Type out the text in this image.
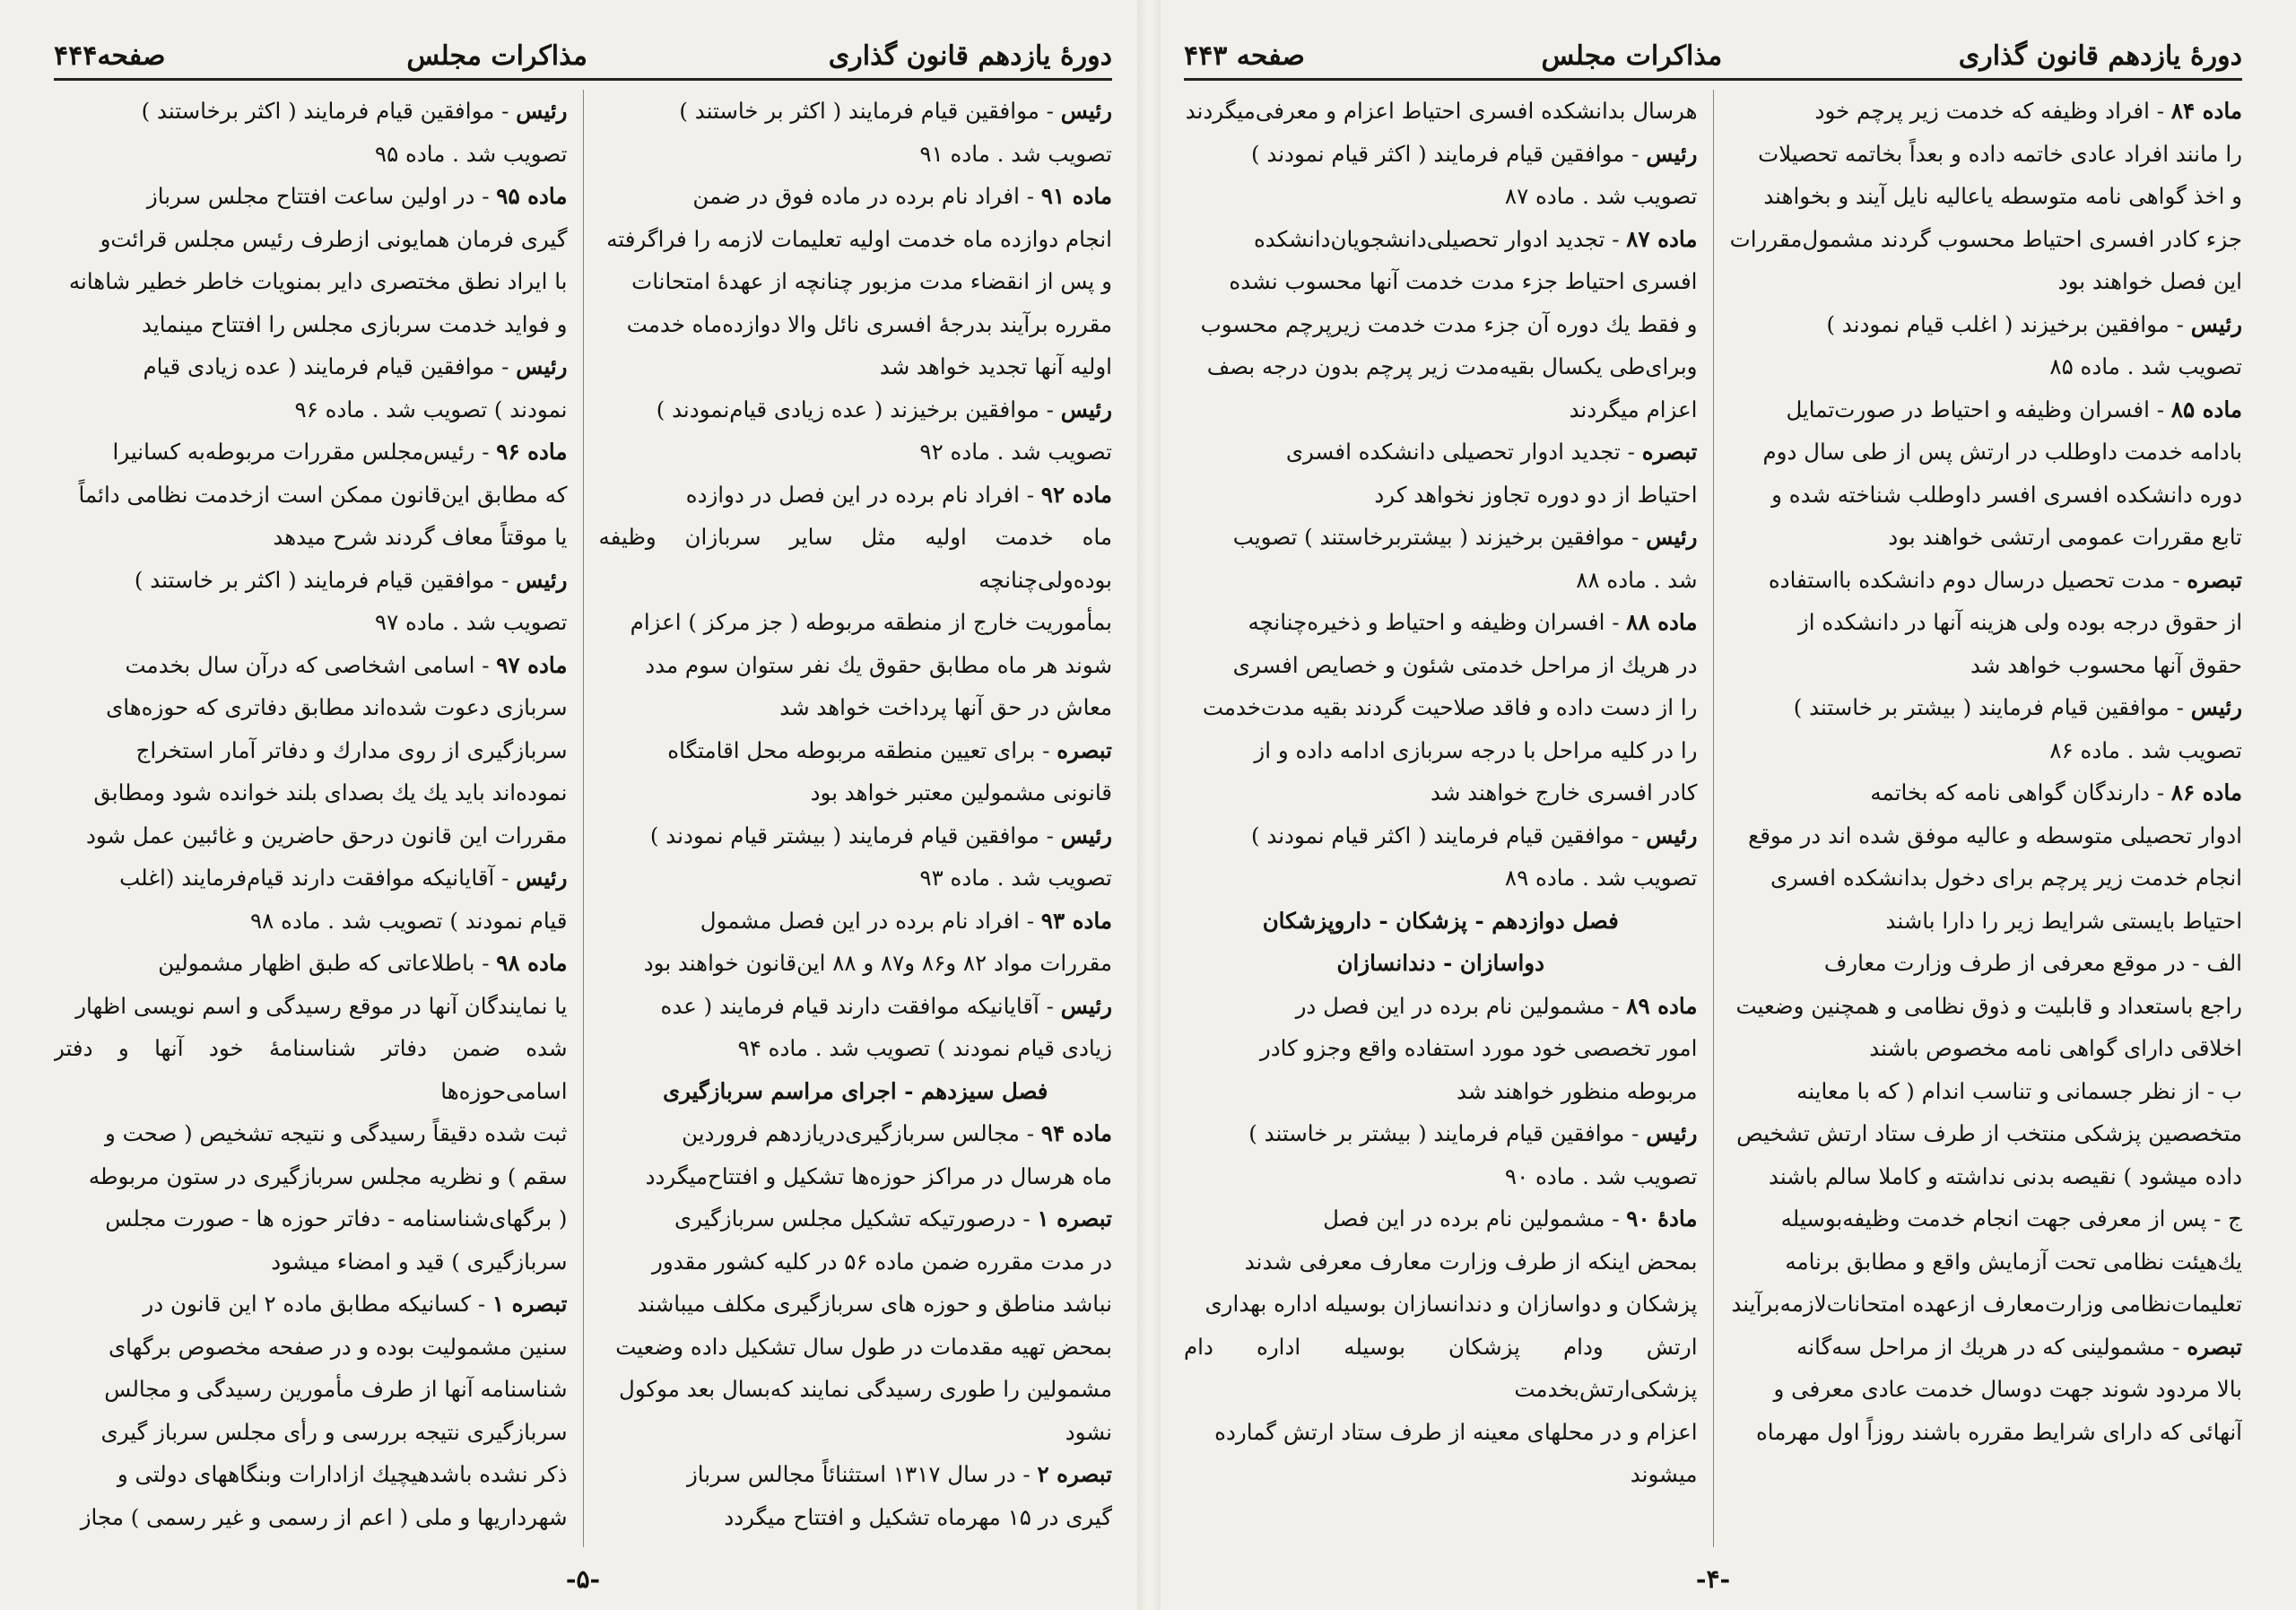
دورهٔ یازدهم قانون گذاری
مذاکرات مجلس
صفحه۴۴۴

رئیس - موافقین قیام فرمایند ( اکثر بر خاستند )

تصویب شد . ماده ۹۱

ماده ۹۱ - افراد نام برده در ماده فوق در ضمن

انجام دوازده ماه خدمت اولیه تعلیمات لازمه را فراگرفته

و پس از انقضاء مدت مزبور چنانچه از عهدهٔ امتحانات

مقرره برآیند بدرجهٔ افسری نائل والا دوازده‌ماه خدمت

اولیه آنها تجدید خواهد شد

رئیس - موافقین برخیزند ( عده زیادی قیام‌نمودند )

تصویب شد . ماده ۹۲

ماده ۹۲ - افراد نام برده در این فصل در دوازده

ماه خدمت اولیه مثل سایر سربازان وظیفه بوده‌ولی‌چنانچه

بمأموریت خارج از منطقه مربوطه ( جز مرکز ) اعزام

شوند هر ماه مطابق حقوق یك نفر ستوان سوم مدد

معاش در حق آنها پرداخت خواهد شد

تبصره - برای تعیین منطقه مربوطه محل اقامتگاه

قانونی مشمولین معتبر خواهد بود

رئیس - موافقین قیام فرمایند ( بیشتر قیام نمودند )

تصویب شد . ماده ۹۳

ماده ۹۳ - افراد نام برده در این فصل مشمول

مقررات مواد ۸۲ و۸۶ و۸۷ و ۸۸ این‌قانون خواهند بود

رئیس - آقایانیکه موافقت دارند قیام فرمایند ( عده

زیادی قیام نمودند ) تصویب شد . ماده ۹۴

فصل سیزدهم - اجرای مراسم سربازگیری

ماده ۹۴ - مجالس سربازگیری‌دریازدهم فروردین

ماه هرسال در مراکز حوزه‌ها تشکیل و افتتاح‌میگردد

تبصره ۱ - درصورتیکه تشکیل مجلس سربازگیری

در مدت مقرره ضمن ماده ۵۶ در کلیه کشور مقدور

نباشد مناطق و حوزه های سربازگیری مکلف میباشند

بمحض تهیه مقدمات در طول سال تشکیل داده وضعیت

مشمولین را طوری رسیدگی نمایند که‌بسال بعد موکول

نشود

تبصره ۲ - در سال ۱۳۱۷ استثنائاً مجالس سرباز

گیری در ۱۵ مهرماه تشکیل و افتتاح میگردد

رئیس - موافقین قیام فرمایند ( اکثر برخاستند )

تصویب شد . ماده ۹۵

ماده ۹۵ - در اولین ساعت افتتاح مجلس سرباز

گیری فرمان همایونی ازطرف رئیس مجلس قرائت‌و

با ایراد نطق مختصری دایر بمنویات خاطر خطیر شاهانه

و فواید خدمت سربازی مجلس را افتتاح مینماید

رئیس - موافقین قیام فرمایند ( عده زیادی قیام

نمودند ) تصویب شد . ماده ۹۶

ماده ۹۶ - رئیس‌مجلس مقررات مربوطه‌به کسانیرا

که مطابق این‌قانون ممکن است ازخدمت نظامی دائماً

یا موقتاً معاف گردند شرح میدهد

رئیس - موافقین قیام فرمایند ( اکثر بر خاستند )

تصویب شد . ماده ۹۷

ماده ۹۷ - اسامی اشخاصی که درآن سال بخدمت

سربازی دعوت شده‌اند مطابق دفاتری که حوزه‌های

سربازگیری از روی مدارك و دفاتر آمار استخراج

نموده‌اند باید یك یك بصدای بلند خوانده شود ومطابق

مقررات این قانون درحق حاضرین و غائبین عمل شود

رئیس - آقایانیکه موافقت دارند قیام‌فرمایند (اغلب

قیام نمودند ) تصویب شد . ماده ۹۸

ماده ۹۸ - باطلاعاتی که طبق اظهار مشمولین

یا نمایندگان آنها در موقع رسیدگی و اسم نویسی اظهار

شده ضمن دفاتر شناسنامهٔ خود آنها و دفتر اسامی‌حوزه‌ها

ثبت شده دقیقاً رسیدگی و نتیجه تشخیص ( صحت و

سقم ) و نظریه مجلس سربازگیری در ستون مربوطه

( برگهای‌شناسنامه - دفاتر حوزه ها - صورت مجلس

سربازگیری ) قید و امضاء میشود

تبصره ۱ - کسانیکه مطابق ماده ۲ این قانون در

سنین مشمولیت بوده و در صفحه مخصوص برگهای

شناسنامه آنها از طرف مأمورین رسیدگی و مجالس

سربازگیری نتیجه بررسی و رأی مجلس سرباز گیری

ذکر نشده باشدهیچیك ازادارات وبنگاههای دولتی و

شهرداریها و ملی ( اعم از رسمی و غیر رسمی ) مجاز

-۵-
دورهٔ یازدهم قانون گذاری
مذاکرات مجلس
صفحه ۴۴۳

ماده ۸۴ - افراد وظیفه که خدمت زیر پرچم خود

را مانند افراد عادی خاتمه داده و بعداً بخاتمه تحصیلات

و اخذ گواهی نامه متوسطه یاعالیه نایل آیند و بخواهند

جزء کادر افسری احتیاط محسوب گردند مشمول‌مقررات

این فصل خواهند بود

رئیس - موافقین برخیزند ( اغلب قیام نمودند )

تصویب شد . ماده ۸۵

ماده ۸۵ - افسران وظیفه و احتیاط در صورت‌تمایل

بادامه خدمت داوطلب در ارتش پس از طی سال دوم

دوره دانشکده افسری افسر داوطلب شناخته شده و

تابع مقررات عمومی ارتشی خواهند بود

تبصره - مدت تحصیل درسال دوم دانشکده بااستفاده

از حقوق درجه بوده ولی هزینه آنها در دانشکده از

حقوق آنها محسوب خواهد شد

رئیس - موافقین قیام فرمایند ( بیشتر بر خاستند )

تصویب شد . ماده ۸۶

ماده ۸۶ - دارندگان گواهی نامه که بخاتمه

ادوار تحصیلی متوسطه و عالیه موفق شده اند در موقع

انجام خدمت زیر پرچم برای دخول بدانشکده افسری

احتیاط بایستی شرایط زیر را دارا باشند

الف - در موقع معرفی از طرف وزارت معارف

راجع باستعداد و قابلیت و ذوق نظامی و همچنین وضعیت

اخلاقی دارای گواهی نامه مخصوص باشند

ب - از نظر جسمانی و تناسب اندام ( که با معاینه

متخصصین پزشکی منتخب از طرف ستاد ارتش تشخیص

داده میشود ) نقیصه بدنی نداشته و کاملا سالم باشند

ج - پس از معرفی جهت انجام خدمت وظیفه‌بوسیله

یك‌هیئت نظامی تحت آزمایش واقع و مطابق برنامه

تعلیمات‌نظامی وزارت‌معارف ازعهده امتحانات‌لازمه‌برآیند

تبصره - مشمولینی که در هریك از مراحل سه‌گانه

بالا مردود شوند جهت دوسال خدمت عادی معرفی و

آنهائی که دارای شرایط مقرره باشند روزاً اول مهرماه

هرسال بدانشکده افسری احتیاط اعزام و معرفی‌میگردند

رئیس - موافقین قیام فرمایند ( اکثر قیام نمودند )

تصویب شد . ماده ۸۷

ماده ۸۷ - تجدید ادوار تحصیلی‌دانشجویان‌دانشکده

افسری احتیاط جزء مدت خدمت آنها محسوب نشده

و فقط یك دوره آن جزء مدت خدمت زیرپرچم محسوب

وبرای‌طی یکسال بقیه‌مدت زیر پرچم بدون درجه بصف

اعزام میگردند

تبصره - تجدید ادوار تحصیلی دانشکده افسری

احتیاط از دو دوره تجاوز نخواهد کرد

رئیس - موافقین برخیزند ( بیشتربرخاستند ) تصویب

شد . ماده ۸۸

ماده ۸۸ - افسران وظیفه و احتیاط و ذخیره‌چنانچه

در هریك از مراحل خدمتی شئون و خصایص افسری

را از دست داده و فاقد صلاحیت گردند بقیه مدت‌خدمت

را در کلیه مراحل با درجه سربازی ادامه داده و از

کادر افسری خارج خواهند شد

رئیس - موافقین قیام فرمایند ( اکثر قیام نمودند )

تصویب شد . ماده ۸۹

فصل دوازدهم - پزشکان - داروپزشکان

دواسازان - دندانسازان

ماده ۸۹ - مشمولین نام برده در این فصل در

امور تخصصی خود مورد استفاده واقع وجزو کادر

مربوطه منظور خواهند شد

رئیس - موافقین قیام فرمایند ( بیشتر بر خاستند )

تصویب شد . ماده ۹۰

مادهٔ ۹۰ - مشمولین نام برده در این فصل

بمحض اینکه از طرف وزارت معارف معرفی شدند

پزشکان و دواسازان و دندانسازان بوسیله اداره بهداری

ارتش ودام پزشکان بوسیله اداره دام پزشکی‌ارتش‌بخدمت

اعزام و در محلهای معینه از طرف ستاد ارتش گمارده

میشوند

-۴-
